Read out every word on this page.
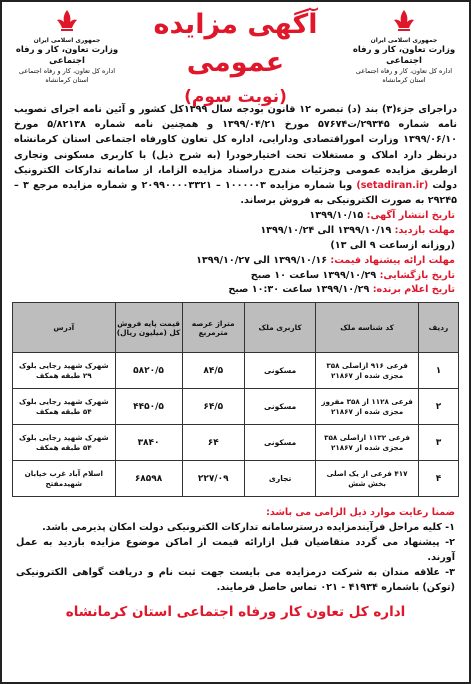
جمهوری اسلامی ایران
وزارت تعاون، کار و رفاه اجتماعی
اداره کل تعاون، کار و رفاه اجتماعی
استان کرمانشاه
آگهی مزایده عمومی
(نوبت سوم)
جمهوری اسلامی ایران
وزارت تعاون، کار و رفاه اجتماعی
اداره کل تعاون، کار و رفاه اجتماعی
استان کرمانشاه
دراجرای جزء(۳) بند (د) تبصره ۱۲ قانون بودجه سال ۱۳۹۹کل کشور و آئین نامه اجرای تصویب نامه شماره ۲۹۳۴۵/ت۵۷۶۷۴ مورخ ۱۳۹۹/۰۴/۲۱ و همچنین نامه شماره ۵/۸۲۱۳۸ مورخ ۱۳۹۹/۰۶/۱۰ وزارت اموراقتصادی ودارایی، اداره کل تعاون کاورفاه اجتماعی استان کرمانشاه درنظر دارد املاک و مستغلات تحت اختیارخودرا (به شرح ذیل) با کاربری مسکونی وتجاری ازطریق مزایده عمومی وجزئیات مندرج دراسناد مزایده الزاما، از سامانه تدارکات الکترونیک دولت (setadiran.ir) وبا شماره مزایده ۱۰۰۰۰۰۳ – ۲۰۹۹۰۰۰۰۳۳۲۱ و شماره مزایده مرجع ۳ – ۲۹۲۴۵ به صورت الکترونیکی به فروش برساند.
تاریخ انتشار آگهی: ۱۳۹۹/۱۰/۱۵
مهلت بازدید: ۱۳۹۹/۱۰/۱۹ الی ۱۳۹۹/۱۰/۲۴
(روزانه ازساعت ۹ الی ۱۳)
مهلت ارائه پیشنهاد قیمت: ۱۳۹۹/۱۰/۱۶ الی ۱۳۹۹/۱۰/۲۷
تاریخ بازگشایی: ۱۳۹۹/۱۰/۲۹ ساعت ۱۰ صبح
تاریخ اعلام برنده: ۱۳۹۹/۱۰/۲۹ ساعت ۱۰:۳۰ صبح
ردیف	کد شناسه ملک	کاربری ملک	متراژ عرصه مترمربع	قیمت پایه فروش کل (میلیون ریال)	آدرس
۱	فرعی ۹۱۶ ازاصلی ۳۵۸ مجزی شده از ۲۱۸۶۷	مسکونی	۸۴/۵	۵۸۲۰/۵	شهرک شهید رجایی بلوک ۲۹ طبقه همکف
۲	فرعی ۱۱۲۸ از ۳۵۸ مفروز مجزی شده از ۲۱۸۶۷	مسکونی	۶۴/۵	۴۴۵۰/۵	شهرک شهید رجایی بلوک ۵۴ طبقه همکف
۳	فرعی ۱۱۳۲ ازاصلی ۳۵۸ مجزی شده از ۲۱۸۶۷	مسکونی	۶۴	۳۸۴۰	شهرک شهید رجایی بلوک ۵۴ طبقه همکف
۴	۴۱۷ فرعی از یک اصلی بخش شش	تجاری	۲۲۷/۰۹	۶۸۵۹۸	اسلام آباد غرب خیابان شهیدمفتح
ضمنا رعایت موارد ذیل الزامی می باشد:
۱- کلیه مراحل فرآیندمزایده درسترسامانه تدارکات الکترونیکی دولت امکان پذیرمی باشد.
۲- پیشنهاد می گردد متقاضیان قبل ازارائه قیمت از اماکن موضوع مزایده بازدید به عمل آورند.
۳- علاقه مندان به شرکت درمزایده می بایست جهت ثبت نام و دریافت گواهی الکترونیکی (توکن) باشماره ۴۱۹۳۴ - ۰۲۱ تماس حاصل فرمایند.
اداره کل تعاون کار ورفاه اجتماعی استان کرمانشاه
